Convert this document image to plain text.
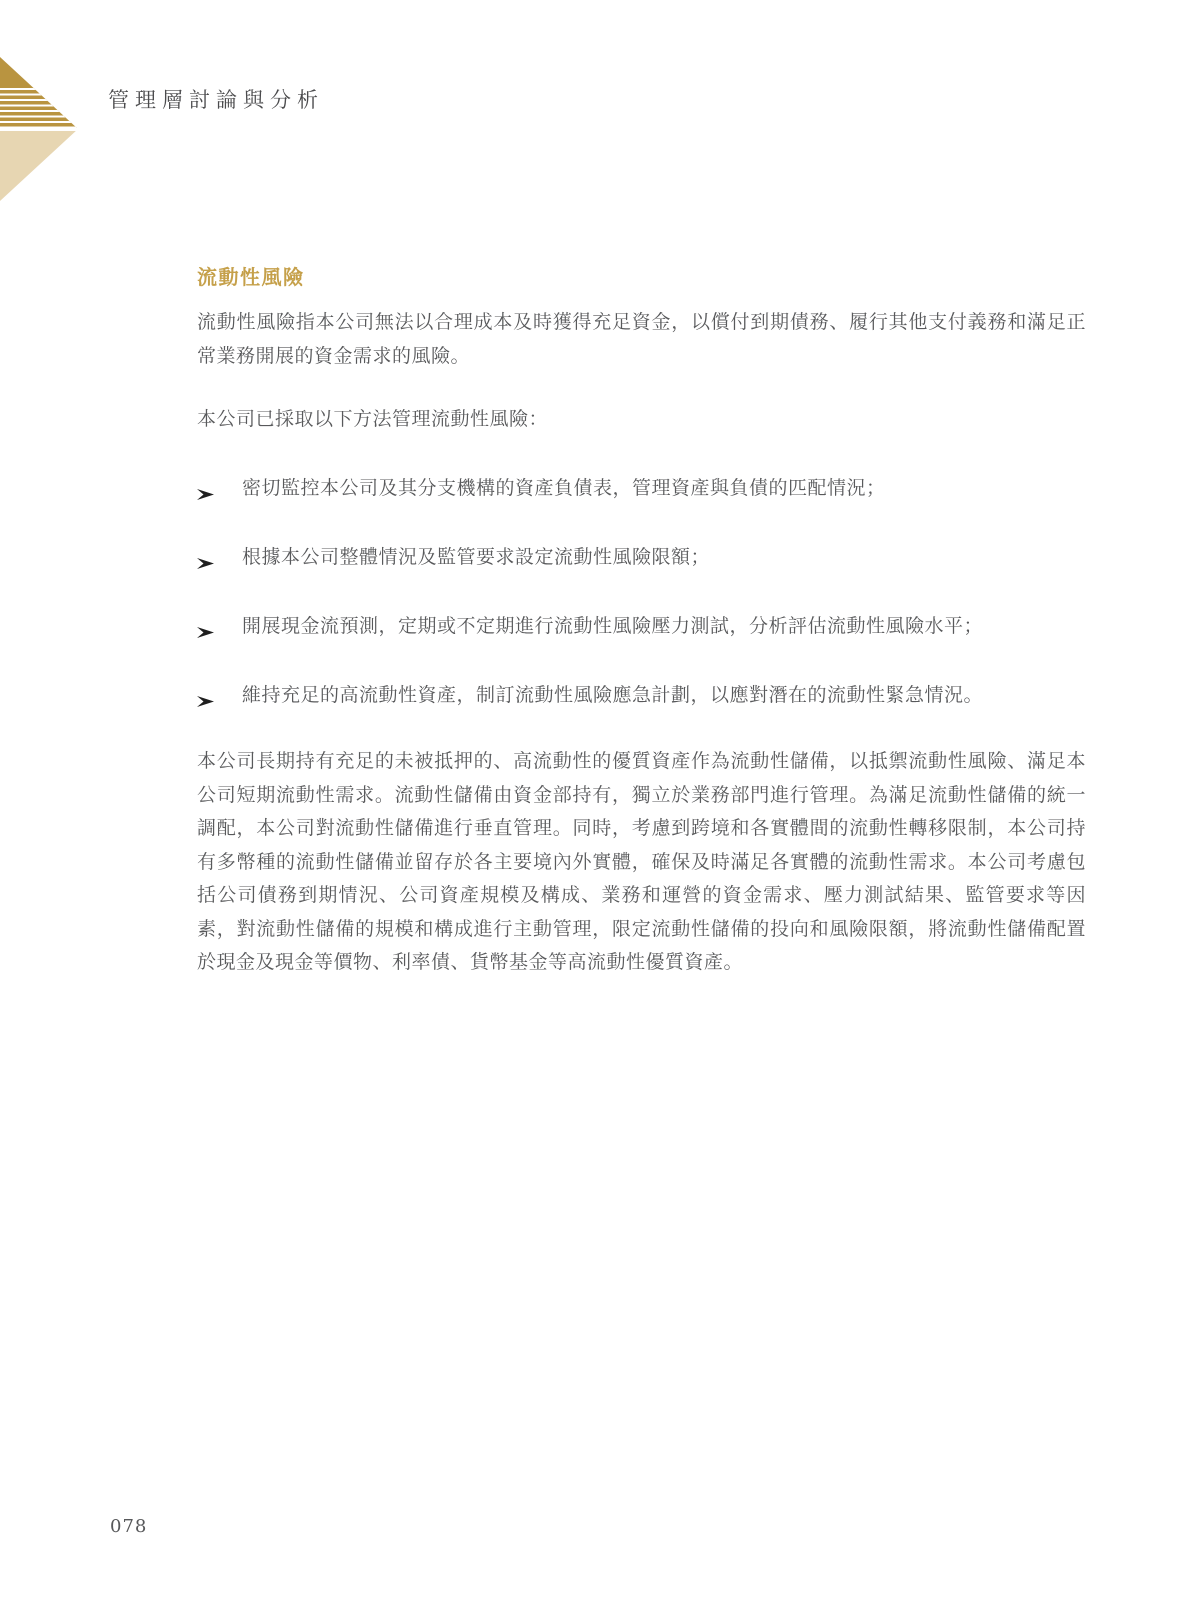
管理層討論與分析
流動性風險
流動性風險指本公司無法以合理成本及時獲得充足資金，以償付到期債務、履行其他支付義務和滿足正常業務開展的資金需求的風險。
本公司已採取以下方法管理流動性風險：
密切監控本公司及其分支機構的資產負債表，管理資產與負債的匹配情況；
根據本公司整體情況及監管要求設定流動性風險限額；
開展現金流預測，定期或不定期進行流動性風險壓力測試，分析評估流動性風險水平；
維持充足的高流動性資產，制訂流動性風險應急計劃，以應對潛在的流動性緊急情況。
本公司長期持有充足的未被抵押的、高流動性的優質資產作為流動性儲備，以抵禦流動性風險、滿足本公司短期流動性需求。流動性儲備由資金部持有，獨立於業務部門進行管理。為滿足流動性儲備的統一調配，本公司對流動性儲備進行垂直管理。同時，考慮到跨境和各實體間的流動性轉移限制，本公司持有多幣種的流動性儲備並留存於各主要境內外實體，確保及時滿足各實體的流動性需求。本公司考慮包括公司債務到期情況、公司資產規模及構成、業務和運營的資金需求、壓力測試結果、監管要求等因素，對流動性儲備的規模和構成進行主動管理，限定流動性儲備的投向和風險限額，將流動性儲備配置於現金及現金等價物、利率債、貨幣基金等高流動性優質資產。
078
